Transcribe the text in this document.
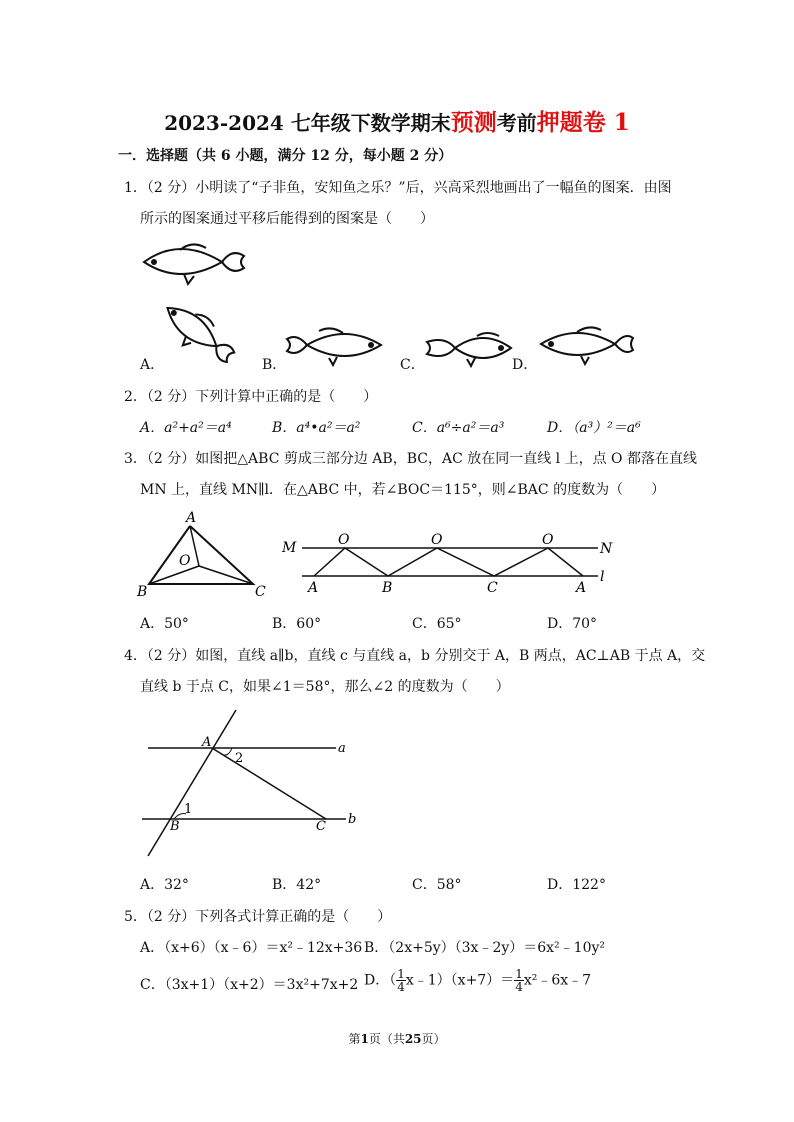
2023-2024 七年级下数学期末预测考前押题卷 1
一．选择题（共 6 小题，满分 12 分，每小题 2 分）
1．（2 分）小明读了“子非鱼，安知鱼之乐？”后，兴高采烈地画出了一幅鱼的图案．由图
所示的图案通过平移后能得到的图案是（　　）
A．	B．	C．	D．
2．（2 分）下列计算中正确的是（　　）
A．a²+a²＝a⁴	B．a⁴•a²＝a²	C．a⁶÷a²＝a³	D．（a³）²＝a⁶
3．（2 分）如图把△ABC 剪成三部分边 AB，BC，AC 放在同一直线 l 上，点 O 都落在直线
MN 上，直线 MN∥l．在△ABC 中，若∠BOC＝115°，则∠BAC 的度数为（　　）
A
B	C
O
M	N
l
O	O	O
A	B	C	A
A．50°	B．60°	C．65°	D．70°
4．（2 分）如图，直线 a∥b，直线 c 与直线 a，b 分别交于 A，B 两点，AC⊥AB 于点 A，交
直线 b 于点 C，如果∠1＝58°，那么∠2 的度数为（　　）
A
B	C
a
b
1
2
A．32°	B．42°	C．58°	D．122°
5．（2 分）下列各式计算正确的是（　　）
A．（x+6）（x﹣6）＝x²﹣12x+36 B．（2x+5y）（3x﹣2y）＝6x²﹣10y²
C．（3x+1）（x+2）＝3x²+7x+2 D．（ $\frac{1}{4}$ x﹣1）（x+7）＝ $\frac{1}{4}$ x²﹣6x﹣7
第1页（共25页）
